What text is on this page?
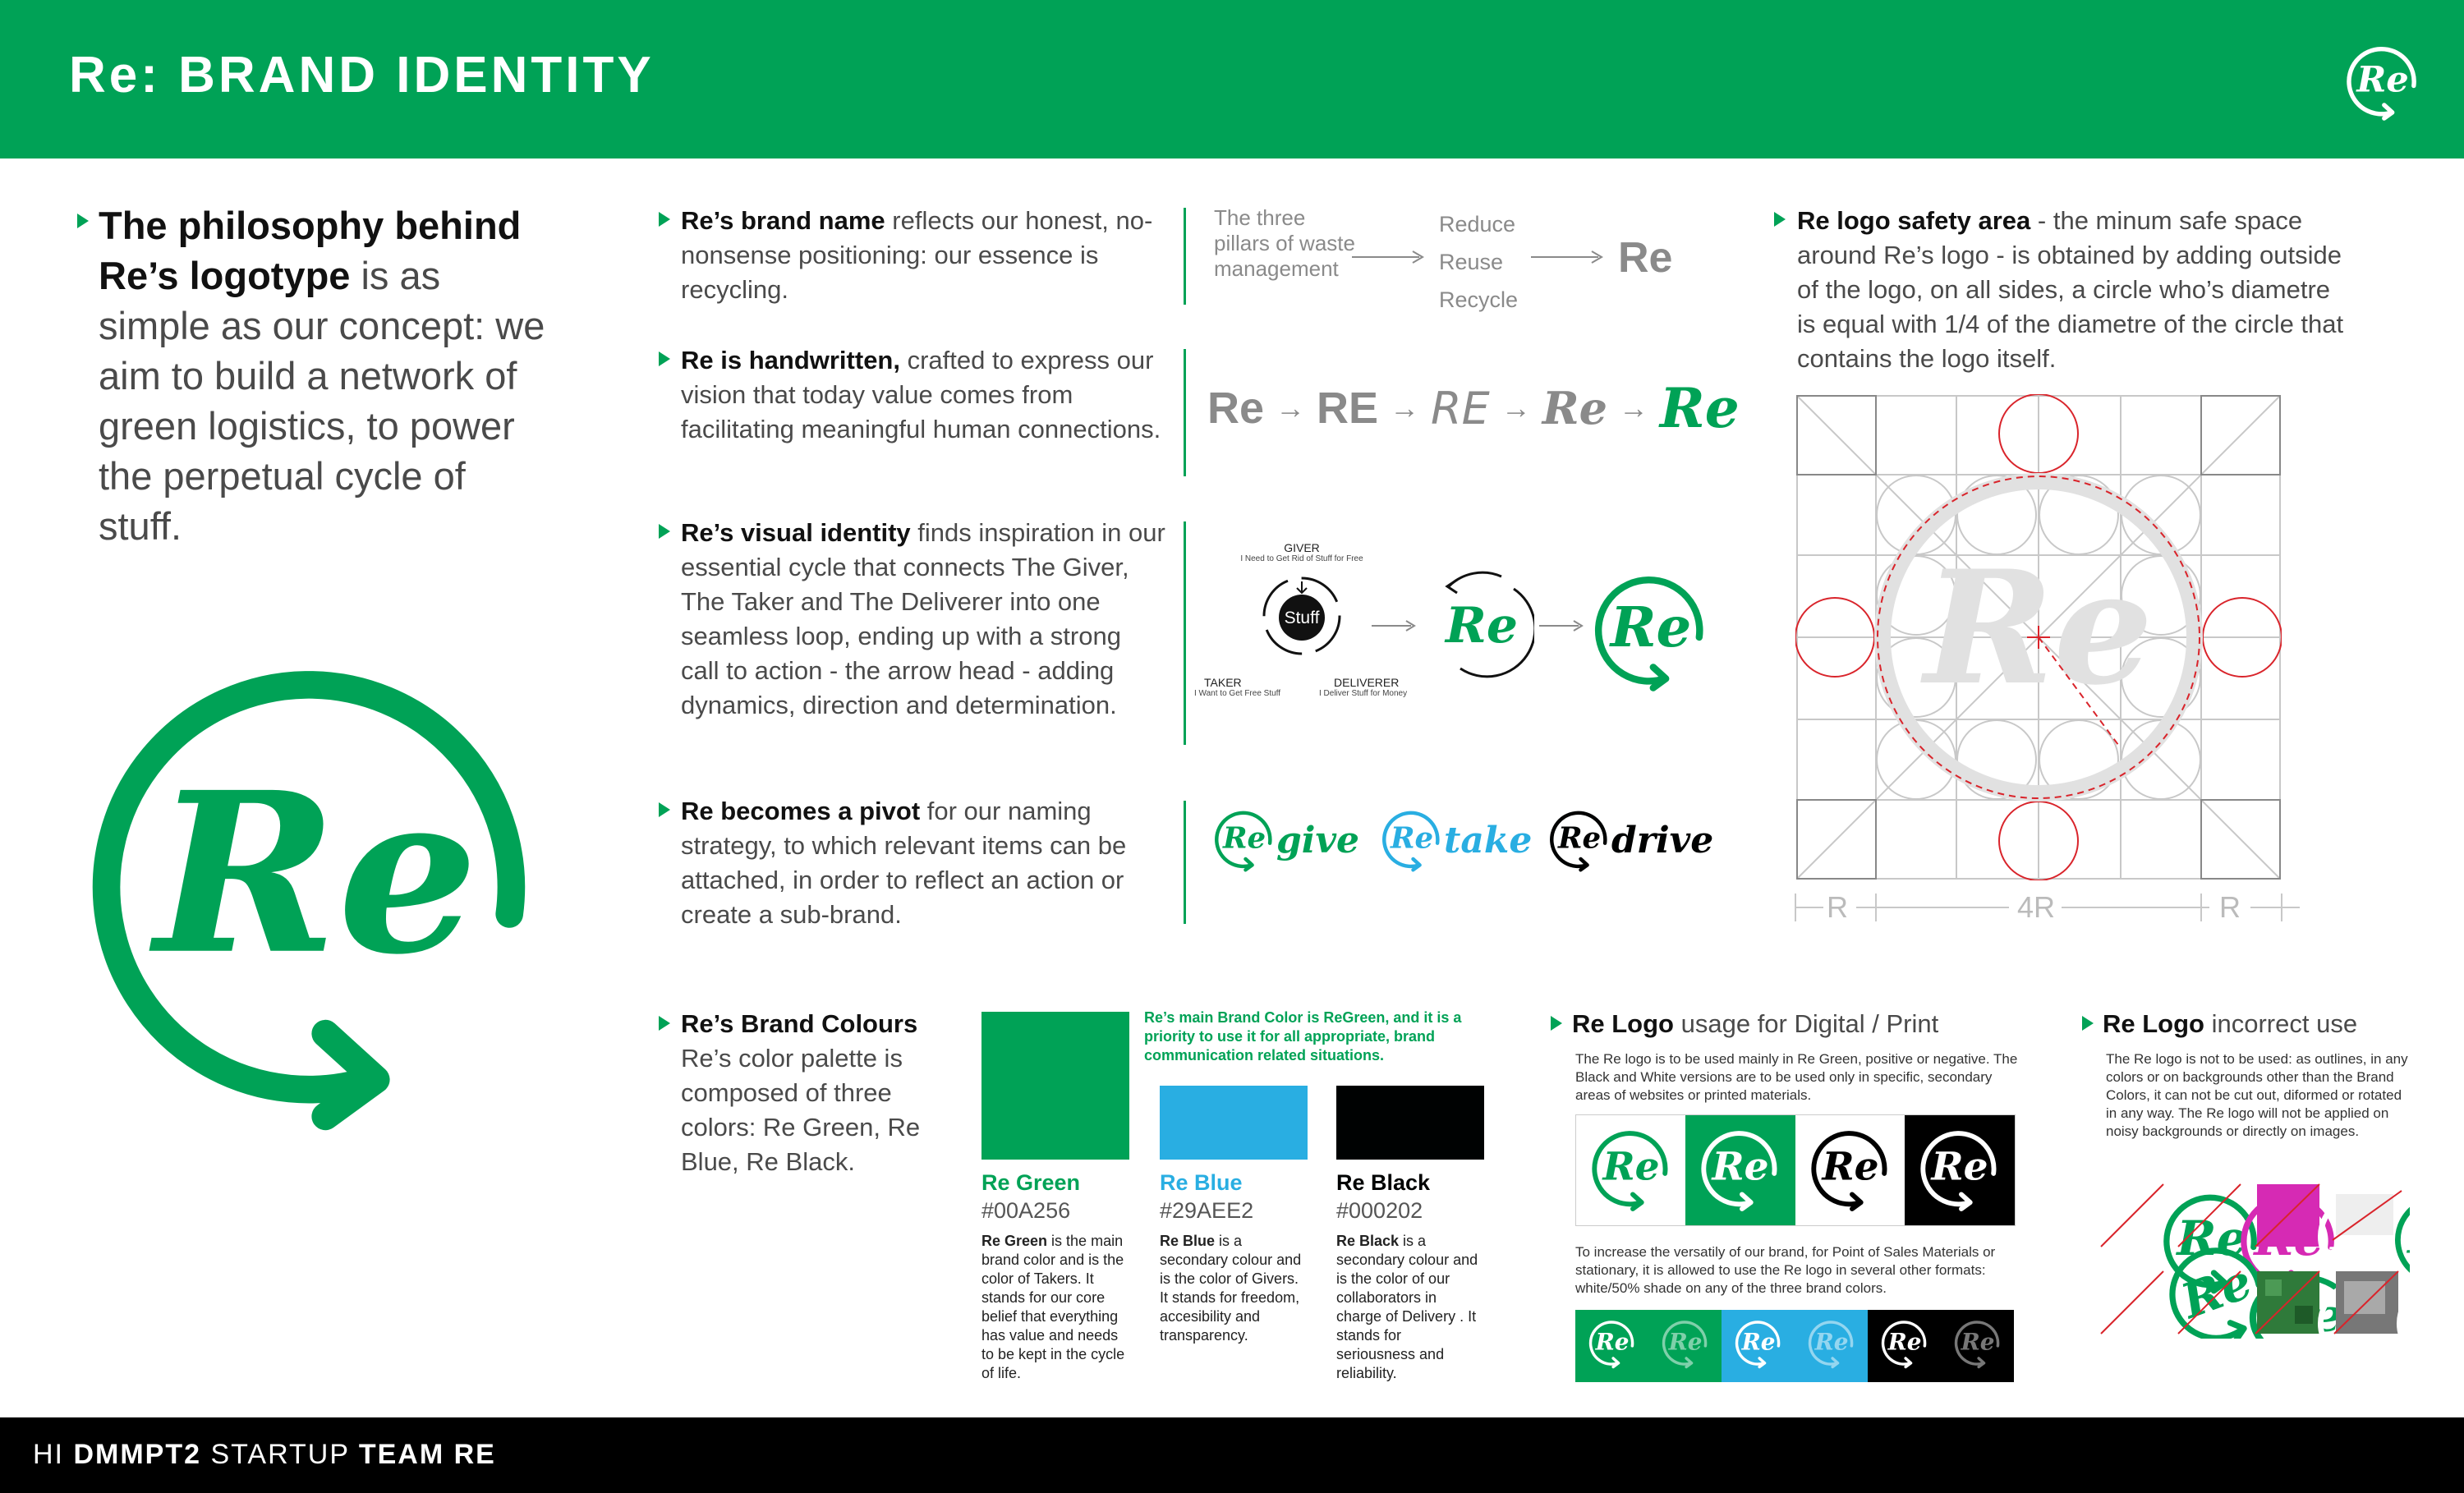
Re: BRAND IDENTITY
The philosophy behind Re’s logotype is as simple as our concept: we aim to build a network of green logistics, to power the perpetual cycle of stuff.
Re’s brand name reflects our honest, no-nonsense positioning: our essence is recycling.
The three pillars of waste management
Reduce
Reuse
Recycle
Re
Re is handwritten, crafted to express our vision that today value comes from facilitating meaningful human connections. Re → RE → RE → Re → Re
Re’s visual identity finds inspiration in our essential cycle that connects The Giver, The Taker and The Deliverer into one seamless loop, ending up with a strong call to action - the arrow head - adding dynamics, direction and determination.
GIVER
I Need to Get Rid of Stuff for Free
Stuff
TAKER
I Want to Get Free Stuff
DELIVERER
I Deliver Stuff for Money
Re
Re becomes a pivot for our naming strategy, to which relevant items can be attached, in order to reflect an action or create a sub-brand.
give take drive
Re logo safety area - the minum safe space around Re’s logo - is obtained by adding outside of the logo, on all sides, a circle who’s diametre is equal with 1/4 of the diametre of the circle that contains the logo itself.
Re
R	4R	R
Re’s Brand Colours
Re’s color palette is composed of three colors: Re Green, Re Blue, Re Black.
Re’s main Brand Color is ReGreen, and it is a priority to use it for all appropriate, brand communication related situations.
Re Green
#00A256
Re Green is the main brand color and is the color of Takers. It stands for our core belief that everything has value and needs to be kept in the cycle of life.
Re Blue
#29AEE2
Re Blue is a secondary colour and is the color of Givers. It stands for freedom, accesibility and transparency.
Re Black
#000202
Re Black is a secondary colour and is the color of our collaborators in charge of Delivery . It stands for seriousness and reliability.
Re Logo usage for Digital / Print
The Re logo is to be used mainly in Re Green, positive or negative. The Black and White versions are to be used only in specific, secondary areas of websites or printed materials.
To increase the versatily of our brand, for Point of Sales Materials or stationary, it is allowed to use the Re logo in several other formats: white/50% shade on any of the three brand colors.
Re Logo incorrect use
The Re logo is not to be used: as outlines, in any colors or on backgrounds other than the Brand Colors, it can not be cut out, diformed or rotated in any way. The Re logo will not be applied on noisy backgrounds or directly on images.
HI DMMPT2 STARTUP TEAM RE
